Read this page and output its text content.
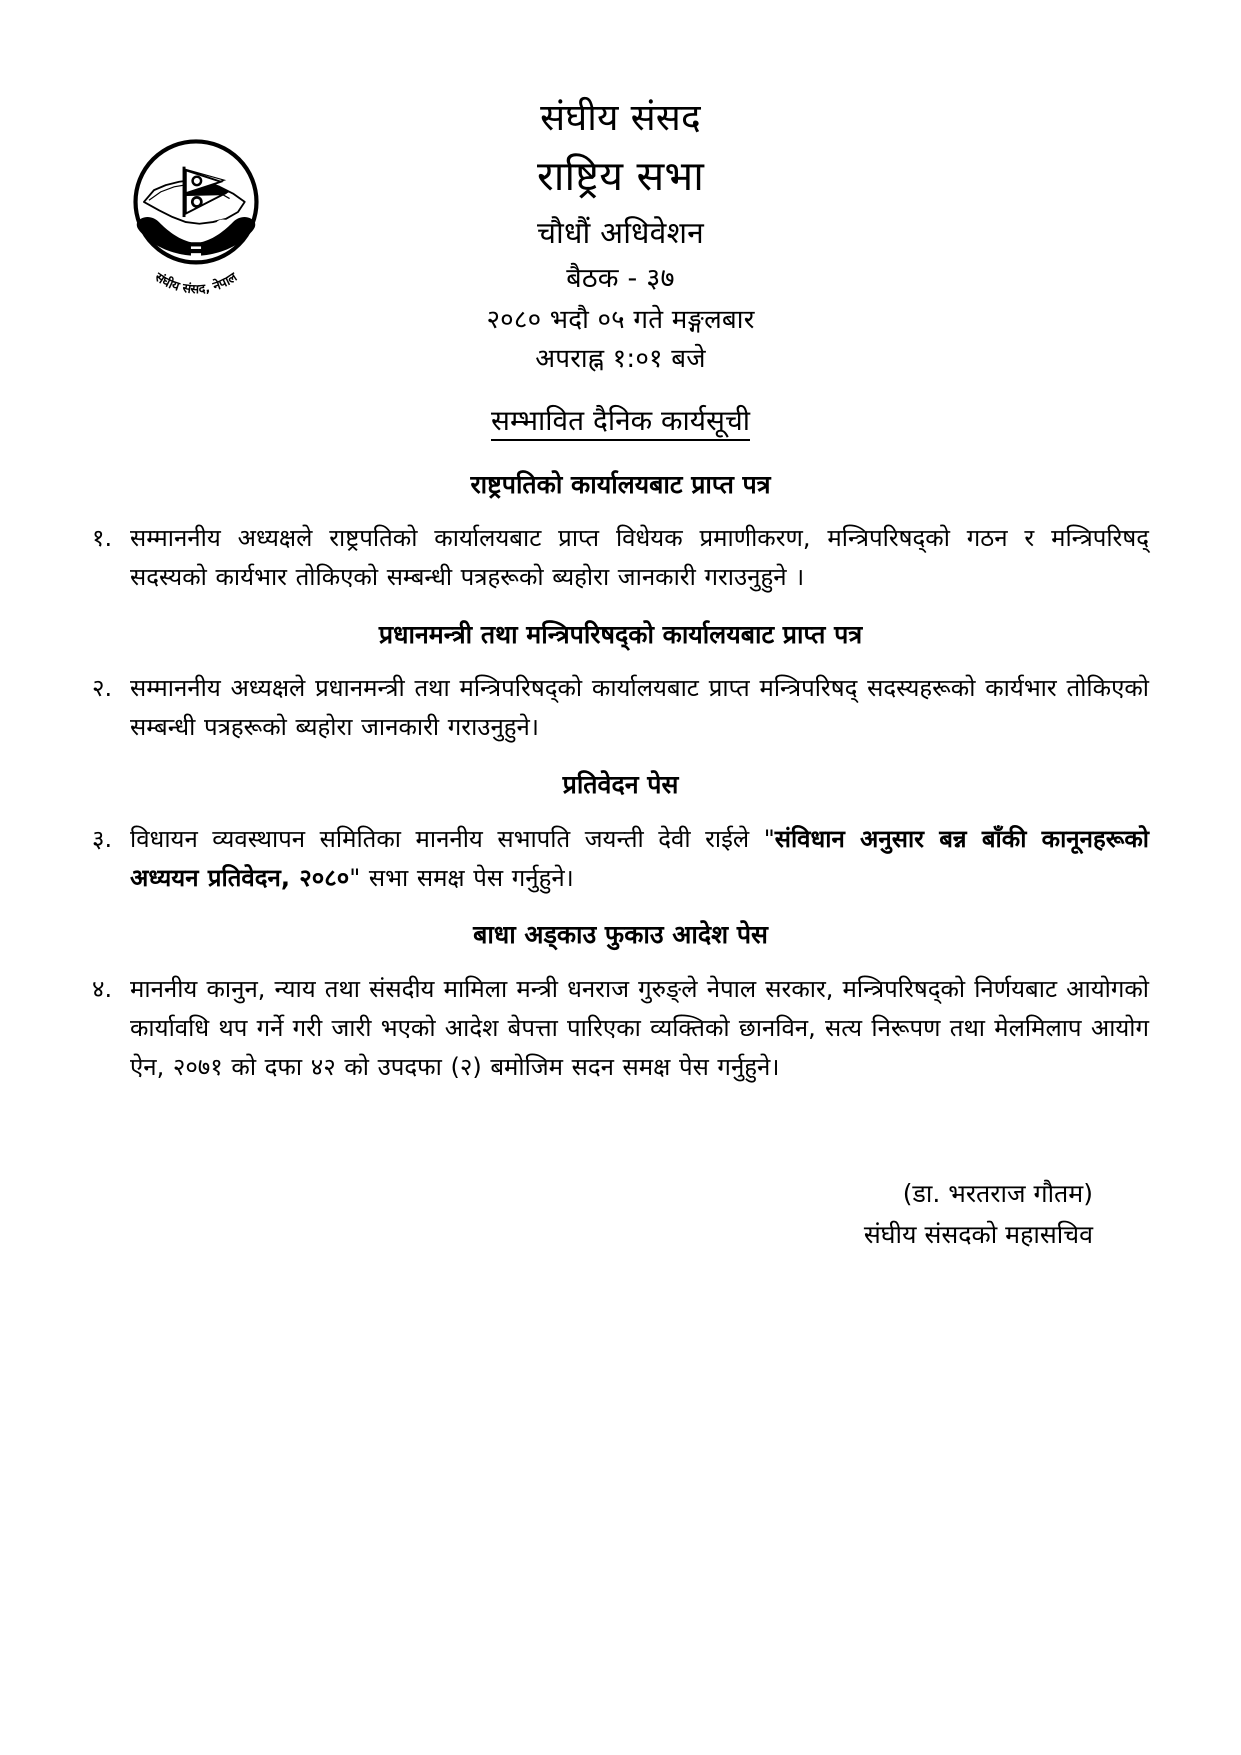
संघीय संसद, नेपाल
संघीय संसद
राष्ट्रिय सभा
चौधौं अधिवेशन
बैठक - ३७
२०८० भदौ ०५ गते मङ्गलबार
अपराह्न १:०१ बजे
सम्भावित दैनिक कार्यसूची
राष्ट्रपतिको कार्यालयबाट प्राप्त पत्र
१. सम्माननीय अध्यक्षले राष्ट्रपतिको कार्यालयबाट प्राप्त विधेयक प्रमाणीकरण, मन्त्रिपरिषद्को गठन र मन्त्रिपरिषद् सदस्यको कार्यभार तोकिएको सम्बन्धी पत्रहरूको ब्यहोरा जानकारी गराउनुहुने ।
प्रधानमन्त्री तथा मन्त्रिपरिषद्को कार्यालयबाट प्राप्त पत्र
२. सम्माननीय अध्यक्षले प्रधानमन्त्री तथा मन्त्रिपरिषद्को कार्यालयबाट प्राप्त मन्त्रिपरिषद् सदस्यहरूको कार्यभार तोकिएको सम्बन्धी पत्रहरूको ब्यहोरा जानकारी गराउनुहुने।
प्रतिवेदन पेस
३. विधायन व्यवस्थापन समितिका माननीय सभापति जयन्ती देवी राईले "संविधान अनुसार बन्न बाँकी कानूनहरूको अध्ययन प्रतिवेदन, २०८०" सभा समक्ष पेस गर्नुहुने।
बाधा अड्काउ फुकाउ आदेश पेस
४. माननीय कानुन, न्याय तथा संसदीय मामिला मन्त्री धनराज गुरुङ्ले नेपाल सरकार, मन्त्रिपरिषद्को निर्णयबाट आयोगको कार्यावधि थप गर्ने गरी जारी भएको आदेश बेपत्ता पारिएका व्यक्तिको छानविन, सत्य निरूपण तथा मेलमिलाप आयोग ऐन, २०७१ को दफा ४२ को उपदफा (२) बमोजिम सदन समक्ष पेस गर्नुहुने।
(डा. भरतराज गौतम)
संघीय संसदको महासचिव
